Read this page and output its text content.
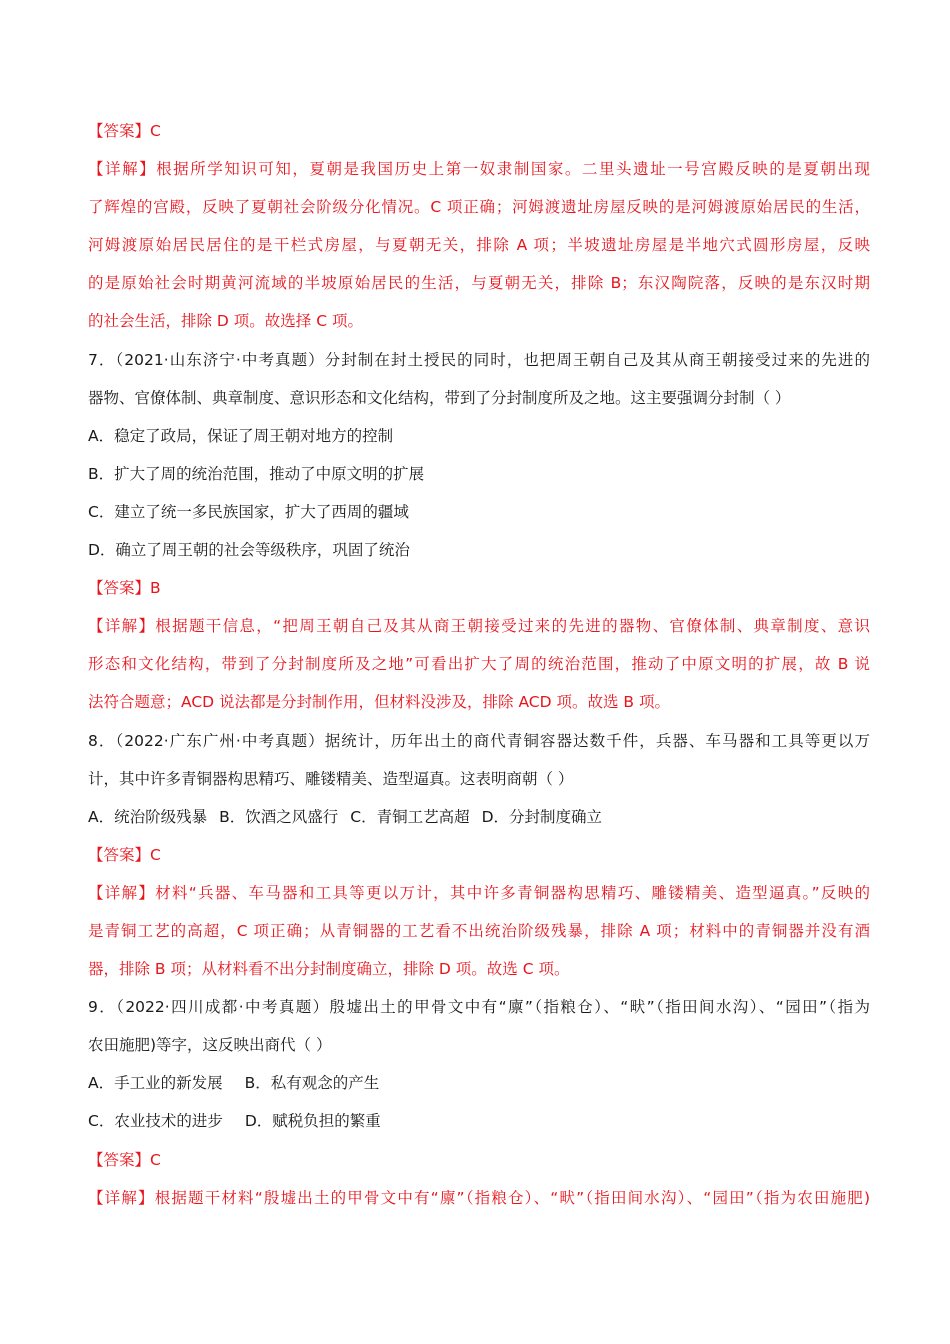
【答案】C
【详解】根据所学知识可知，夏朝是我国历史上第一奴隶制国家。二里头遗址一号宫殿反映的是夏朝出现
了辉煌的宫殿，反映了夏朝社会阶级分化情况。C 项正确；河姆渡遗址房屋反映的是河姆渡原始居民的生活，
河姆渡原始居民居住的是干栏式房屋，与夏朝无关，排除 A 项；半坡遗址房屋是半地穴式圆形房屋，反映
的是原始社会时期黄河流域的半坡原始居民的生活，与夏朝无关，排除 B；东汉陶院落，反映的是东汉时期
的社会生活，排除 D 项。故选择 C 项。
7．（2021·山东济宁·中考真题）分封制在封土授民的同时，也把周王朝自己及其从商王朝接受过来的先进的
器物、官僚体制、典章制度、意识形态和文化结构，带到了分封制度所及之地。这主要强调分封制（ ）
A．稳定了政局，保证了周王朝对地方的控制
B．扩大了周的统治范围，推动了中原文明的扩展
C．建立了统一多民族国家，扩大了西周的疆域
D．确立了周王朝的社会等级秩序，巩固了统治
【答案】B
【详解】根据题干信息，“把周王朝自己及其从商王朝接受过来的先进的器物、官僚体制、典章制度、意识
形态和文化结构，带到了分封制度所及之地”可看出扩大了周的统治范围，推动了中原文明的扩展，故 B 说
法符合题意；ACD 说法都是分封制作用，但材料没涉及，排除 ACD 项。故选 B 项。
8．（2022·广东广州·中考真题）据统计，历年出土的商代青铜容器达数千件，兵器、车马器和工具等更以万
计，其中许多青铜器构思精巧、雕镂精美、造型逼真。这表明商朝（ ）
A．统治阶级残暴 B．饮酒之风盛行 C．青铜工艺高超 D．分封制度确立
【答案】C
【详解】材料“兵器、车马器和工具等更以万计，其中许多青铜器构思精巧、雕镂精美、造型逼真。”反映的
是青铜工艺的高超，C 项正确；从青铜器的工艺看不出统治阶级残暴，排除 A 项；材料中的青铜器并没有酒
器，排除 B 项；从材料看不出分封制度确立，排除 D 项。故选 C 项。
9．（2022·四川成都·中考真题）殷墟出土的甲骨文中有“廪”（指粮仓）、“畎”（指田间水沟）、“园田”（指为
农田施肥)等字，这反映出商代（ ）
A．手工业的新发展 B．私有观念的产生
C．农业技术的进步 D．赋税负担的繁重
【答案】C
【详解】根据题干材料“殷墟出土的甲骨文中有“廪”（指粮仓）、“畎”（指田间水沟）、“园田”（指为农田施肥)
